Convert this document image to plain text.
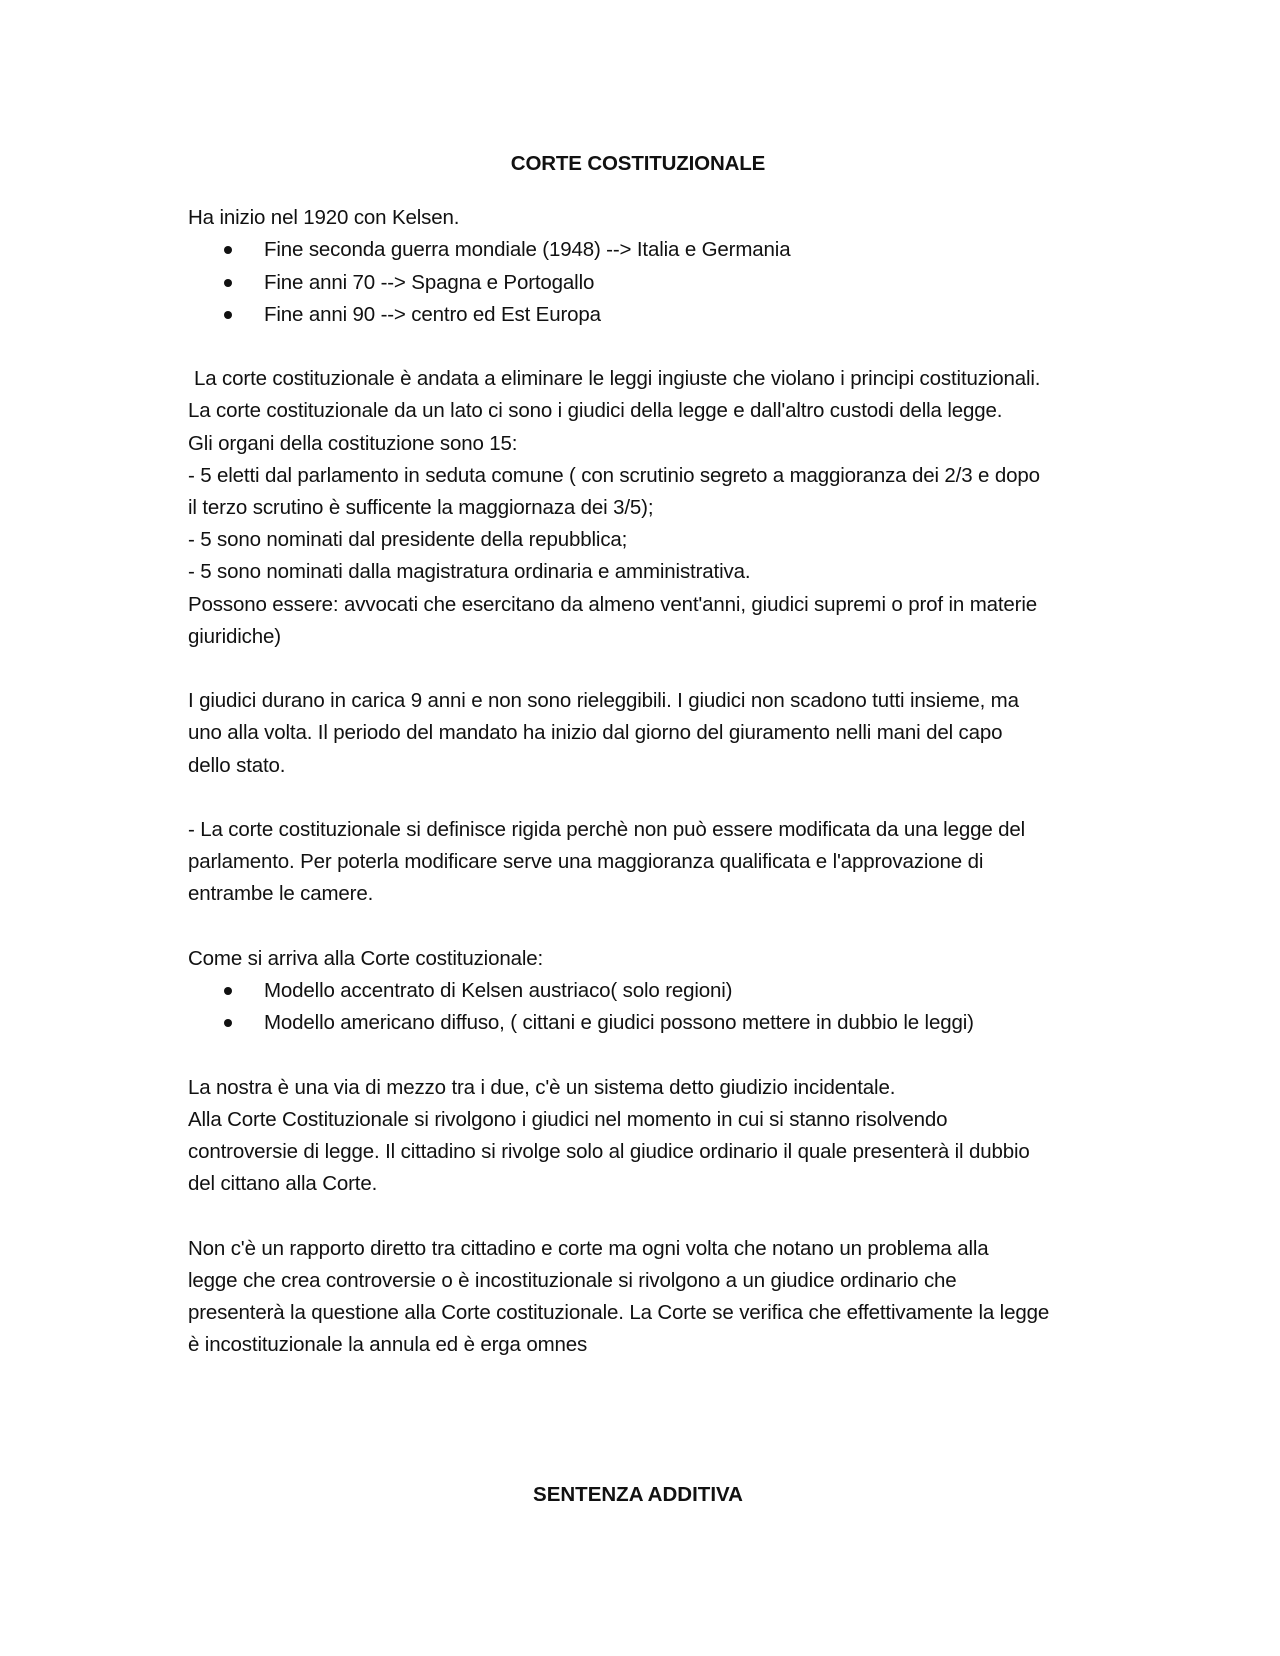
CORTE COSTITUZIONALE

Ha inizio nel 1920 con Kelsen.

Fine seconda guerra mondiale (1948) --> Italia e Germania
Fine anni 70 --> Spagna e Portogallo
Fine anni 90 --> centro ed Est Europa

La corte costituzionale è andata a eliminare le leggi ingiuste che violano i principi costituzionali.

La corte costituzionale da un lato ci sono i giudici della legge e dall'altro custodi della legge.

Gli organi della costituzione sono 15:

- 5 eletti dal parlamento in seduta comune ( con scrutinio segreto a maggioranza dei 2/3 e dopo

il terzo scrutino è sufficente la maggiornaza dei 3/5);

- 5 sono nominati dal presidente della repubblica;

- 5 sono nominati dalla magistratura ordinaria e amministrativa.

Possono essere: avvocati che esercitano da almeno vent'anni, giudici supremi o prof in materie

giuridiche)

I giudici durano in carica 9 anni e non sono rieleggibili. I giudici non scadono tutti insieme, ma

uno alla volta. Il periodo del mandato ha inizio dal giorno del giuramento nelli mani del capo

dello stato.

- La corte costituzionale si definisce rigida perchè non può essere modificata da una legge del

parlamento. Per poterla modificare serve una maggioranza qualificata e l'approvazione di

entrambe le camere.

Come si arriva alla Corte costituzionale:

Modello accentrato di Kelsen austriaco( solo regioni)
Modello americano diffuso, ( cittani e giudici possono mettere in dubbio le leggi)

La nostra è una via di mezzo tra i due, c'è un sistema detto giudizio incidentale.

Alla Corte Costituzionale si rivolgono i giudici nel momento in cui si stanno risolvendo

controversie di legge. Il cittadino si rivolge solo al giudice ordinario il quale presenterà il dubbio

del cittano alla Corte.

Non c'è un rapporto diretto tra cittadino e corte ma ogni volta che notano un problema alla

legge che crea controversie o è incostituzionale si rivolgono a un giudice ordinario che

presenterà la questione alla Corte costituzionale. La Corte se verifica che effettivamente la legge

è incostituzionale la annula ed è erga omnes

SENTENZA ADDITIVA
